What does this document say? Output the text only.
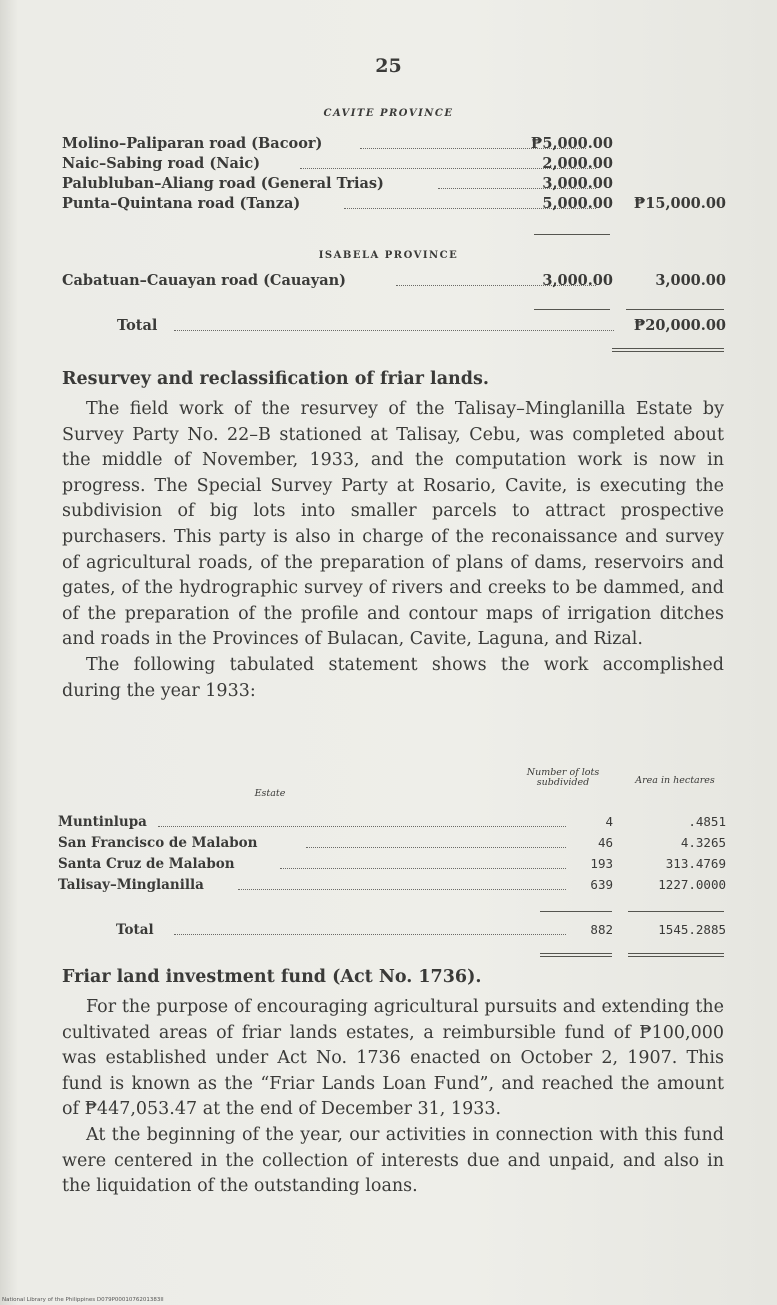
25
CAVITE PROVINCE
Molino–Paliparan road (Bacoor)	₱5,000.00
Naic–Sabing road (Naic)	2,000.00
Palubluban–Aliang road (General Trias)	3,000.00
Punta–Quintana road (Tanza)	5,000.00 ₱15,000.00
ISABELA PROVINCE
Cabatuan–Cauayan road (Cauayan)	3,000.00	3,000.00
Total	₱20,000.00
Resurvey and reclassification of friar lands.

The field work of the resurvey of the Talisay–Minglanilla Estate by Survey Party No. 22–B stationed at Talisay, Cebu, was completed about the middle of November, 1933, and the computation work is now in progress. The Special Survey Party at Rosario, Cavite, is executing the subdivision of big lots into smaller parcels to attract prospective purchasers. This party is also in charge of the reconaissance and survey of agricultural roads, of the preparation of plans of dams, reservoirs and gates, of the hydrographic survey of rivers and creeks to be dammed, and of the preparation of the profile and contour maps of irrigation ditches and roads in the Provinces of Bulacan, Cavite, Laguna, and Rizal.

The following tabulated statement shows the work accomplished during the year 1933:

Estate
Number of lots subdivided	Area in hectares
Muntinlupa	4	.4851
San Francisco de Malabon	46	4.3265
Santa Cruz de Malabon	193	313.4769
Talisay–Minglanilla	639	1227.0000
Total	882	1545.2885
Friar land investment fund (Act No. 1736).

For the purpose of encouraging agricultural pursuits and extending the cultivated areas of friar lands estates, a reimbursible fund of ₱100,000 was established under Act No. 1736 enacted on October 2, 1907. This fund is known as the “Friar Lands Loan Fund”, and reached the amount of ₱447,053.47 at the end of December 31, 1933.

At the beginning of the year, our activities in connection with this fund were centered in the collection of interests due and unpaid, and also in the liquidation of the outstanding loans.

National Library of the Philippines D079P0001076201383II
